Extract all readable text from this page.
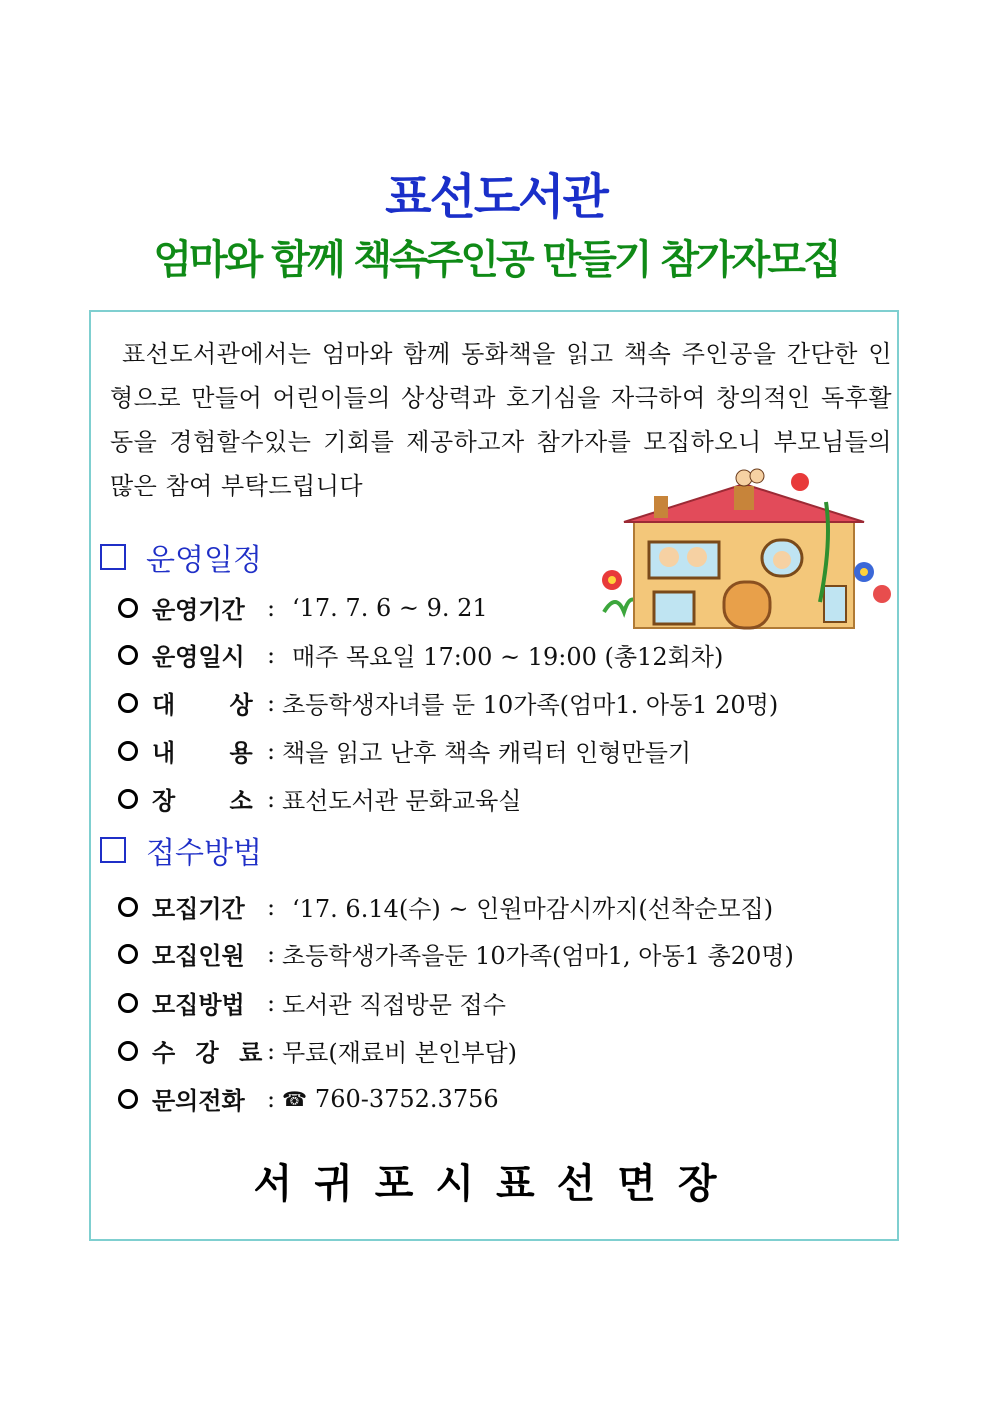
표선도서관
엄마와 함께 책속주인공 만들기 참가자모집

표선도서관에서는 엄마와 함께 동화책을 읽고 책속 주인공을 간단한 인형으로 만들어 어린이들의 상상력과 호기심을 자극하여 창의적인 독후활동을 경험할수있는 기회를 제공하고자 참가자를 모집하오니 부모님들의 많은 참여 부탁드립니다

운영일정
운영기간 : ‘17. 7. 6 ~ 9. 21
운영일시 : 매주 목요일 17:00 ~ 19:00 (총12회차)
대 상 : 초등학생자녀를 둔 10가족(엄마1. 아동1 20명)
내 용 : 책을 읽고 난후 책속 캐릭터 인형만들기
장 소 : 표선도서관 문화교육실
접수방법
모집기간 : ‘17. 6.14(수) ~ 인원마감시까지(선착순모집)
모집인원 : 초등학생가족을둔 10가족(엄마1, 아동1 총20명)
모집방법 : 도서관 직접방문 접수
수 강 료 : 무료(재료비 본인부담)
문의전화 : ☎ 760-3752.3756
서귀포시표선면장
